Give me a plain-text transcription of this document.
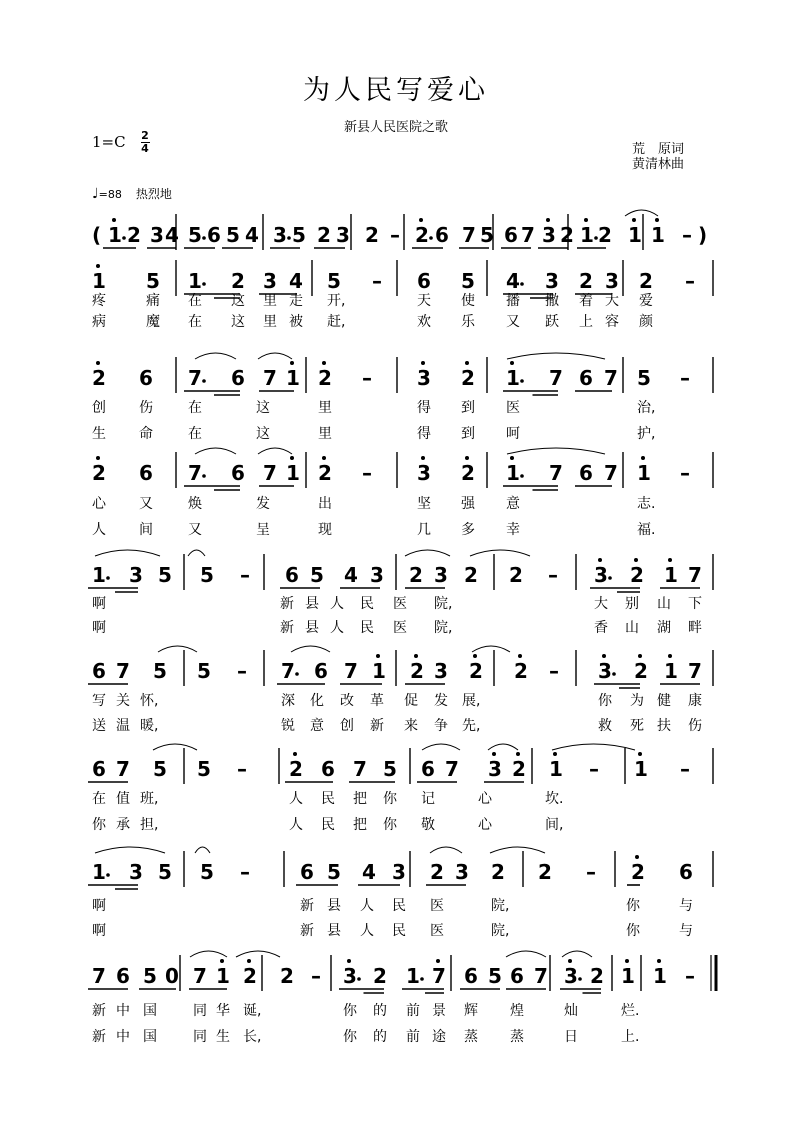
为人民写爱心
新县人民医院之歌
1=C 2
4	荒　原词
黄清林曲
♩=88 热烈地
( 1 2 3 4 5 6 5 4 3 5 2 3 2 – 2 6 7 5 6 7 3 2 1 2 1 1 – )
1 5 1 2 3 4 5 – 6 5 4 3 2 3 2 –
疼	痛 在 这 里 走 开,	天 使 播 撒 着 大 爱
病	魔 在 这 里 被 赶,	欢 乐 又 跃 上 容 颜
2 6 7 6 7 1 2 – 3 2 1 7 6 7 5 –
创 伤	在	这	里	得 到 医	治,
生 命	在	这	里	得 到 呵	护,
2 6 7 6 7 1 2 – 3 2 1 7 6 7 1 –
心 又	焕	发	出	坚 强 意	志.
人 间	又	呈	现	几 多 幸	福.
1 3 5 5 – 6 5 4 3 2 3 2 2 – 3 2 1 7
啊	新 县 人 民 医 院,	大 别 山 下
啊	新 县 人 民 医 院,	香 山 湖 畔
6 7 5 5 – 7 6 7 1 2 3 2 2 – 3 2 1 7
写 关 怀,	深 化 改 革 促 发 展,	你 为 健 康
送 温 暖,	锐 意 创 新 来 争 先,	救 死 扶 伤
6 7 5 5 – 2 6 7 5 6 7 3 2 1 – 1 –
在 值 班,	人 民 把 你 记	心	坎.
你 承 担,	人 民 把 你 敬	心	间,
1 3 5 5 –	6 5 4 3 2 3 2 2 – 2 6
啊	新 县 人 民 医	院,	你	与
啊	新 县 人 民 医	院,	你	与
7 6 5 0 7 1 2 2 – 3 2 1 7 6 5 6 7 3 2 1 1 –
新 中 国	同 华 诞,	你 的 前 景 辉 煌	灿	烂.
新 中 国	同 生 长,	你 的 前 途 蒸 蒸	日	上.
